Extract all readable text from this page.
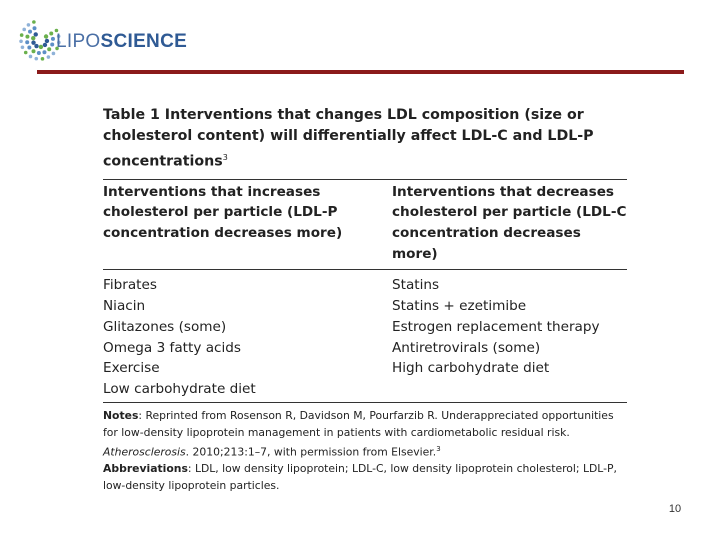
LIPOSCIENCE

Table 1 Interventions that changes LDL composition (size or cholesterol content) will differentially affect LDL-C and LDL-P concentrations$^3$

Interventions that increases cholesterol per particle (LDL-P concentration decreases more)
Interventions that decreases cholesterol per particle (LDL-C concentration decreases more)
Fibrates
Niacin
Glitazones (some)
Omega 3 fatty acids
Exercise
Low carbohydrate diet
Statins
Statins + ezetimibe
Estrogen replacement therapy
Antiretrovirals (some)
High carbohydrate diet
Notes: Reprinted from Rosenson R, Davidson M, Pourfarzib R. Underappreciated opportunities for low-density lipoprotein management in patients with cardiometabolic residual risk. Atherosclerosis. 2010;213:1–7, with permission from Elsevier.$^3$
Abbreviations: LDL, low density lipoprotein; LDL-C, low density lipoprotein cholesterol; LDL-P, low-density lipoprotein particles.
10
